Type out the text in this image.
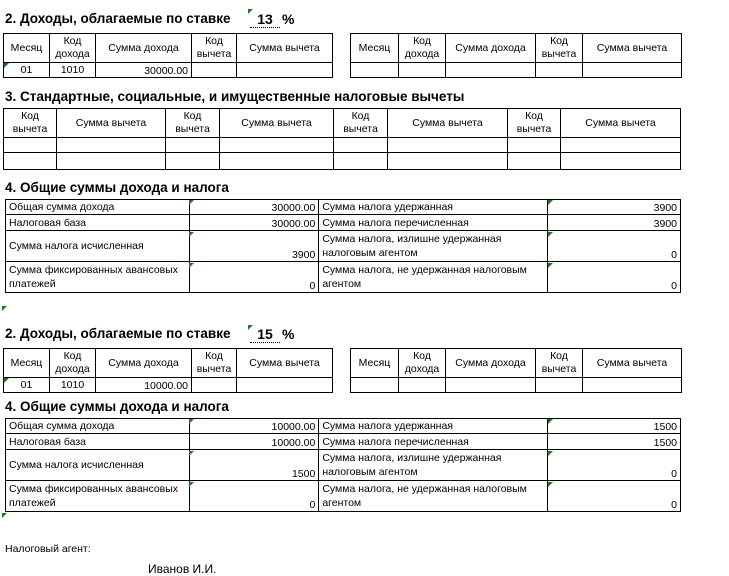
2. Доходы, облагаемые по ставке	13 %
Месяц	Код дохода	Сумма дохода	Код вычета	Сумма вычета
01	1010	30000.00		
Месяц	Код дохода	Сумма дохода	Код вычета	Сумма вычета

3. Стандартные, социальные, и имущественные налоговые вычеты
Код вычета	Сумма вычета	Код вычета	Сумма вычета	Код вычета	Сумма вычета	Код вычета	Сумма вычета

4. Общие суммы дохода и налога
Общая сумма дохода	30000.00	Сумма налога удержанная	3900
Налоговая база	30000.00	Сумма налога перечисленная	3900
Сумма налога исчисленная	3900	Сумма налога, излишне удержанная налоговым агентом	0
Сумма фиксированных авансовых платежей	0	Сумма налога, не удержанная налоговым агентом	0
2. Доходы, облагаемые по ставке	15 %
Месяц	Код дохода	Сумма дохода	Код вычета	Сумма вычета
01	1010	10000.00		
Месяц	Код дохода	Сумма дохода	Код вычета	Сумма вычета

4. Общие суммы дохода и налога
Общая сумма дохода	10000.00	Сумма налога удержанная	1500
Налоговая база	10000.00	Сумма налога перечисленная	1500
Сумма налога исчисленная	1500	Сумма налога, излишне удержанная налоговым агентом	0
Сумма фиксированных авансовых платежей	0	Сумма налога, не удержанная налоговым агентом	0
Налоговый агент:
Иванов И.И.
